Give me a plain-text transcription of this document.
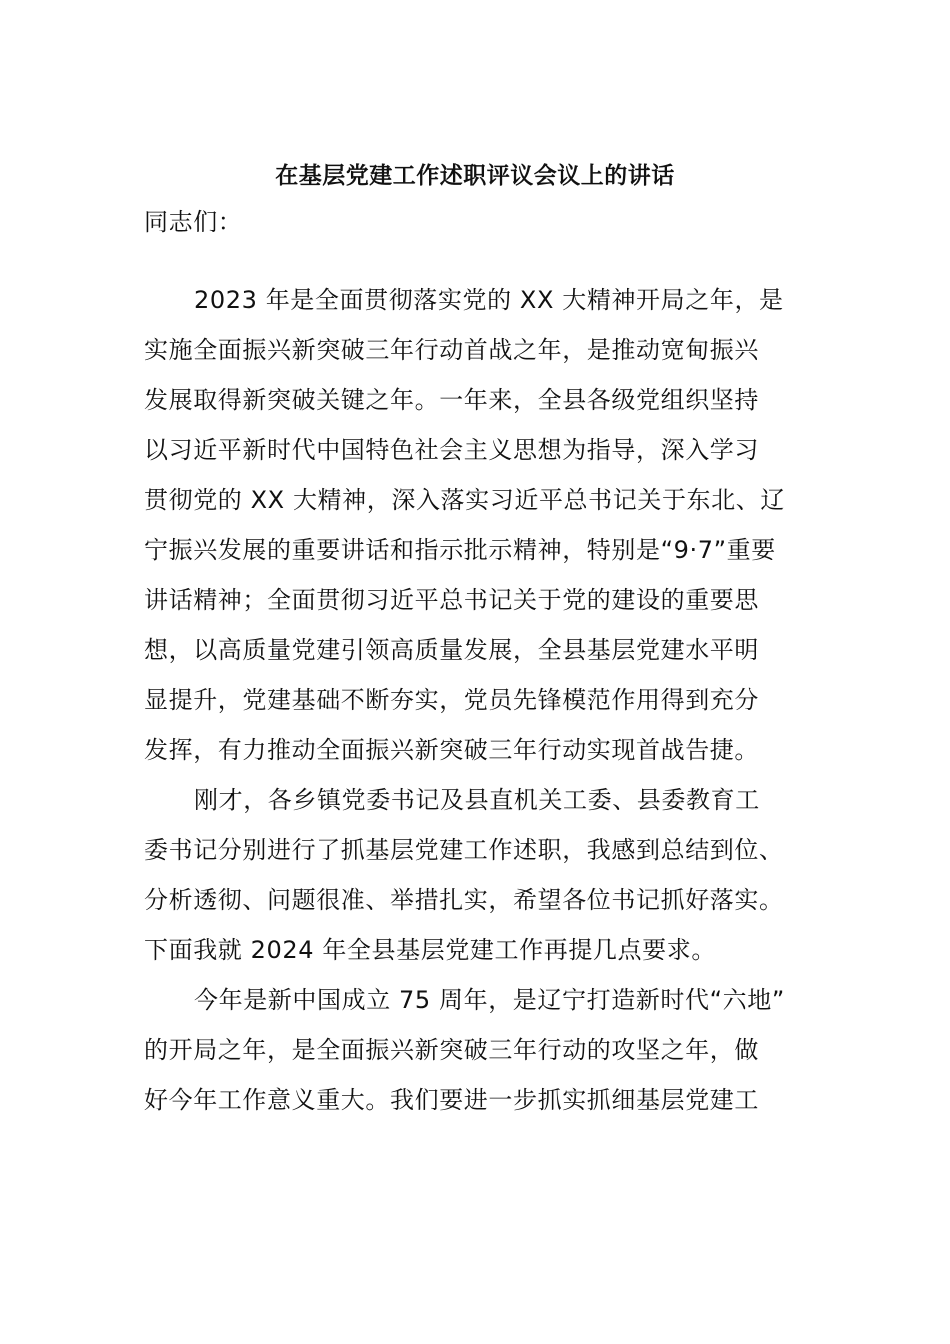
在基层党建工作述职评议会议上的讲话
同志们：
2023 年是全面贯彻落实党的 XX 大精神开局之年，是
实施全面振兴新突破三年行动首战之年，是推动宽甸振兴
发展取得新突破关键之年。一年来，全县各级党组织坚持
以习近平新时代中国特色社会主义思想为指导，深入学习
贯彻党的 XX 大精神，深入落实习近平总书记关于东北、辽
宁振兴发展的重要讲话和指示批示精神，特别是“9·7”重要
讲话精神；全面贯彻习近平总书记关于党的建设的重要思
想，以高质量党建引领高质量发展，全县基层党建水平明
显提升，党建基础不断夯实，党员先锋模范作用得到充分
发挥，有力推动全面振兴新突破三年行动实现首战告捷。
刚才，各乡镇党委书记及县直机关工委、县委教育工
委书记分别进行了抓基层党建工作述职，我感到总结到位、
分析透彻、问题很准、举措扎实，希望各位书记抓好落实。
下面我就 2024 年全县基层党建工作再提几点要求。
今年是新中国成立 75 周年，是辽宁打造新时代“六地”
的开局之年，是全面振兴新突破三年行动的攻坚之年，做
好今年工作意义重大。我们要进一步抓实抓细基层党建工
